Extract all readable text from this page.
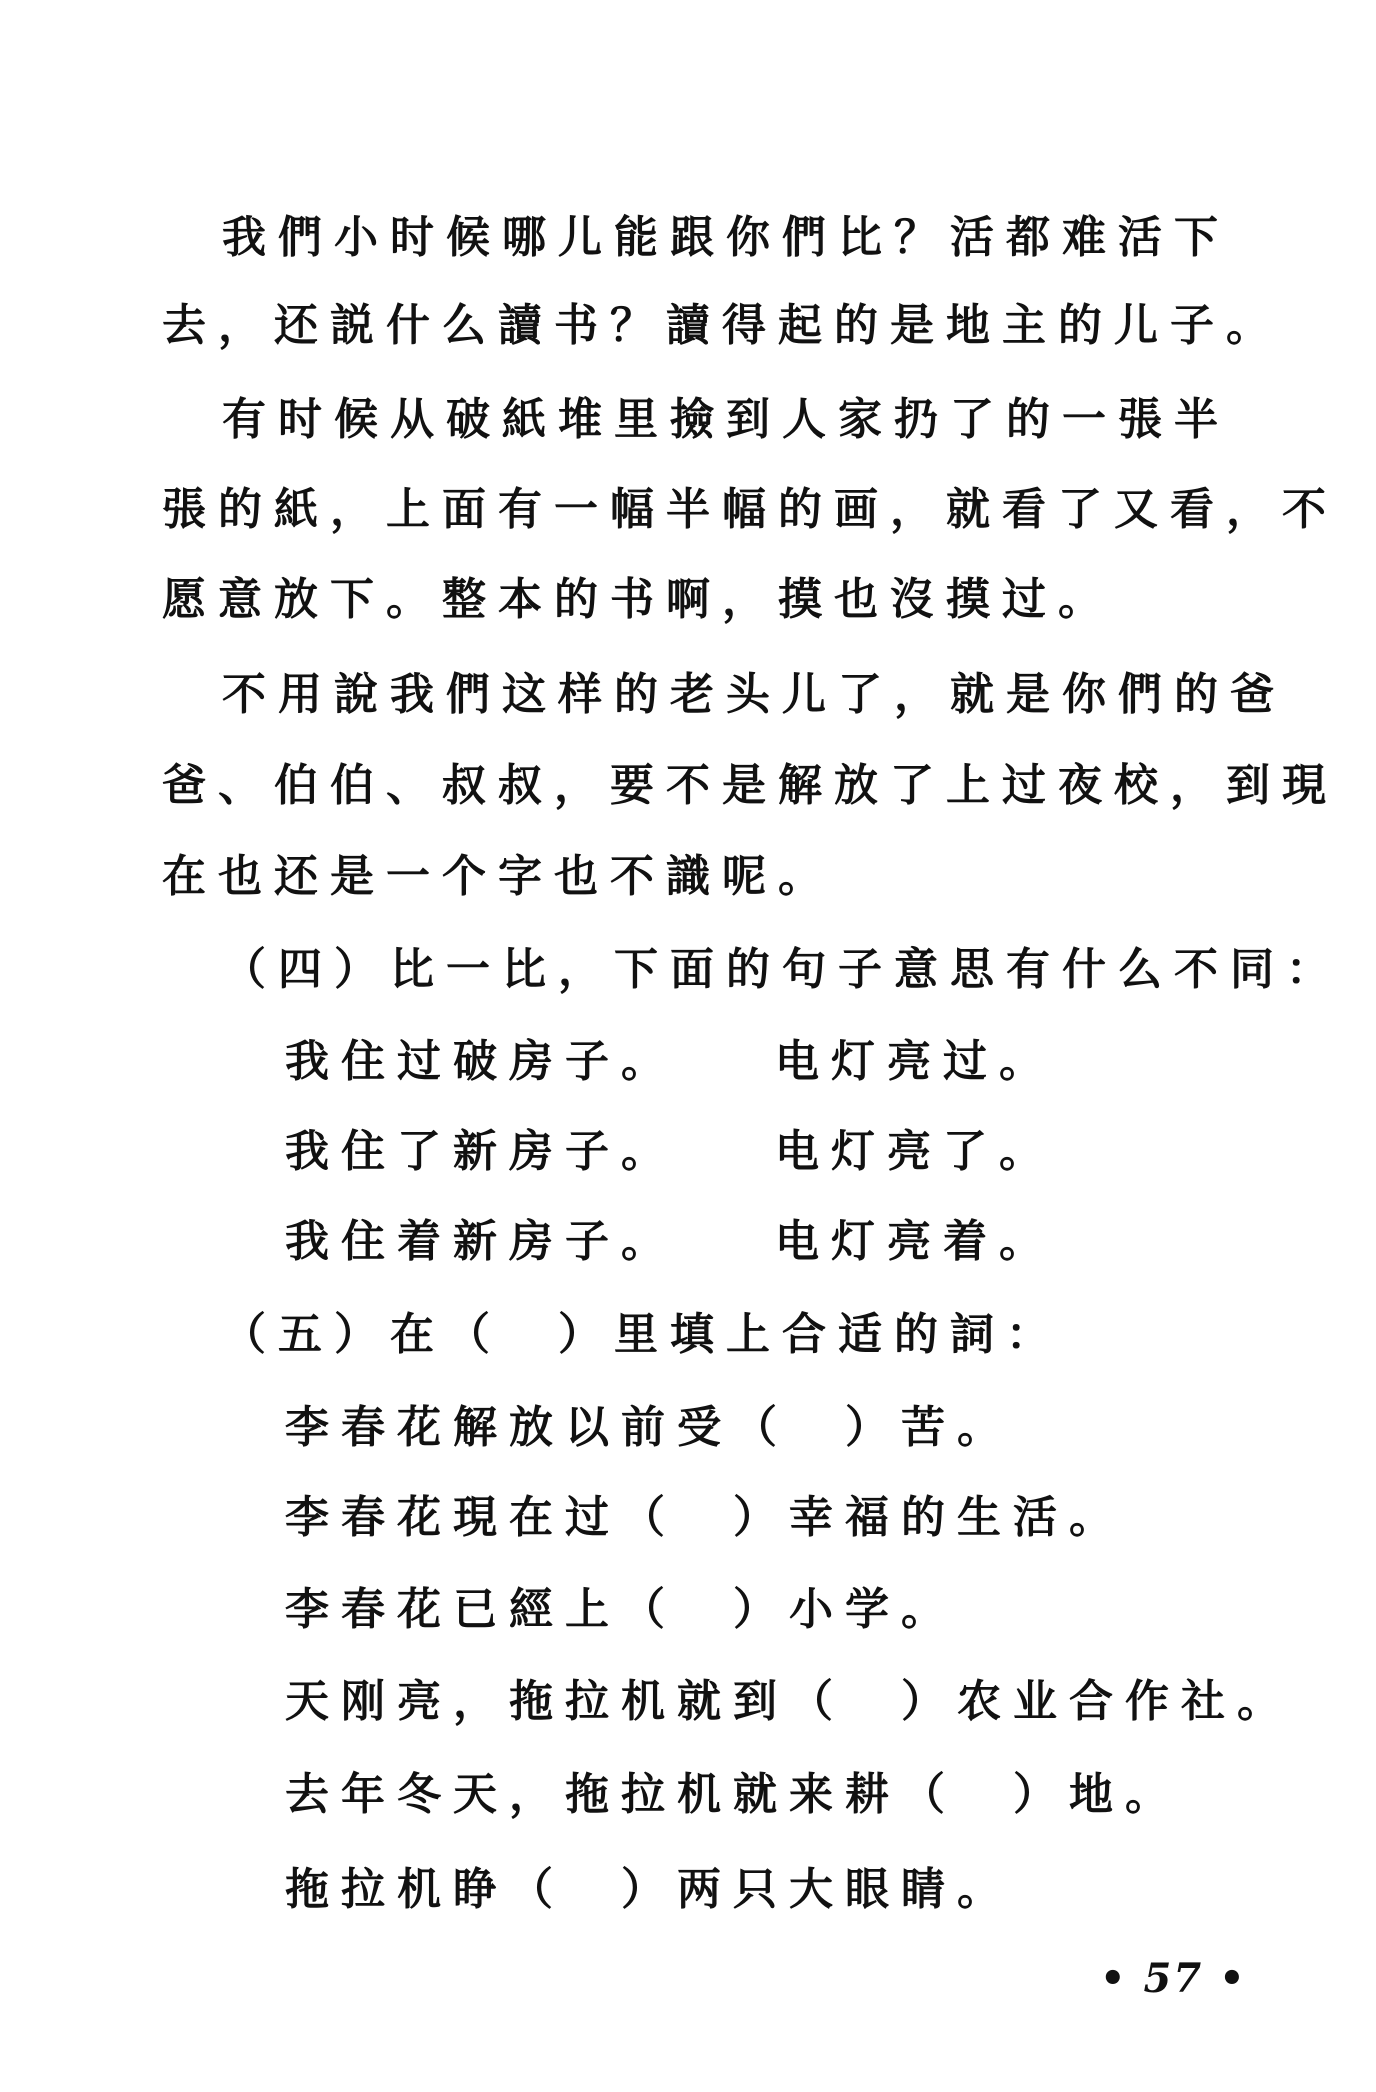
我們小时候哪儿能跟你們比？活都难活下
去，还説什么讀书？讀得起的是地主的儿子。
有时候从破紙堆里撿到人家扔了的一張半
張的紙，上面有一幅半幅的画，就看了又看，不
愿意放下。整本的书啊，摸也沒摸过。
不用說我們这样的老头儿了，就是你們的爸
爸、伯伯、叔叔，要不是解放了上过夜校，到現
在也还是一个字也不識呢。
（四）比一比，下面的句子意思有什么不同：
我住过破房子。 电灯亮过。
我住了新房子。 电灯亮了。
我住着新房子。 电灯亮着。
（五）在（　）里填上合适的詞：
李春花解放以前受（　）苦。
李春花現在过（　）幸福的生活。
李春花已經上（　）小学。
天刚亮，拖拉机就到（　）农业合作社。
去年冬天，拖拉机就来耕（　）地。
拖拉机睁（　）两只大眼睛。
• 57 •
